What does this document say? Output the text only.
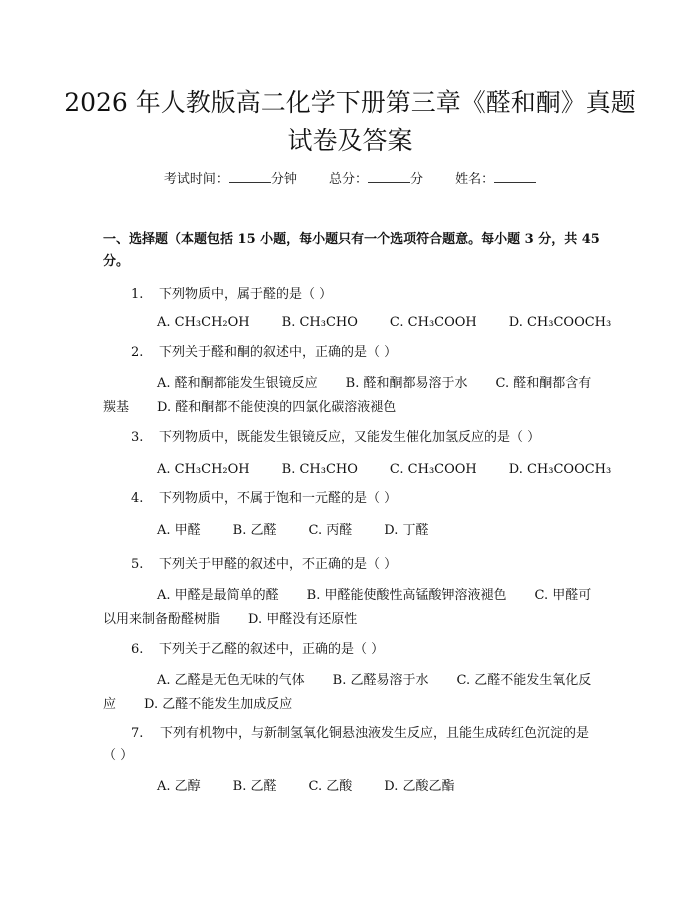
2026 年人教版高二化学下册第三章《醛和酮》真题试卷及答案
考试时间：	分钟 总分：	分 姓名：
一、选择题（本题包括 15 小题，每小题只有一个选项符合题意。每小题 3 分，共 45 分。
1. 下列物质中，属于醛的是（ ）
A. CH₃CH₂OH B. CH₃CHO C. CH₃COOH D. CH₃COOCH₃
2. 下列关于醛和酮的叙述中，正确的是（ ）
A. 醛和酮都能发生银镜反应 B. 醛和酮都易溶于水 C. 醛和酮都含有羰基 D. 醛和酮都不能使溴的四氯化碳溶液褪色
3. 下列物质中，既能发生银镜反应，又能发生催化加氢反应的是（ ）
A. CH₃CH₂OH B. CH₃CHO C. CH₃COOH D. CH₃COOCH₃
4. 下列物质中，不属于饱和一元醛的是（ ）
A. 甲醛 B. 乙醛 C. 丙醛 D. 丁醛
5. 下列关于甲醛的叙述中，不正确的是（ ）
A. 甲醛是最简单的醛 B. 甲醛能使酸性高锰酸钾溶液褪色 C. 甲醛可以用来制备酚醛树脂 D. 甲醛没有还原性
6. 下列关于乙醛的叙述中，正确的是（ ）
A. 乙醛是无色无味的气体 B. 乙醛易溶于水 C. 乙醛不能发生氧化反应 D. 乙醛不能发生加成反应
7. 下列有机物中，与新制氢氧化铜悬浊液发生反应，且能生成砖红色沉淀的是（ ）
A. 乙醇 B. 乙醛 C. 乙酸 D. 乙酸乙酯
